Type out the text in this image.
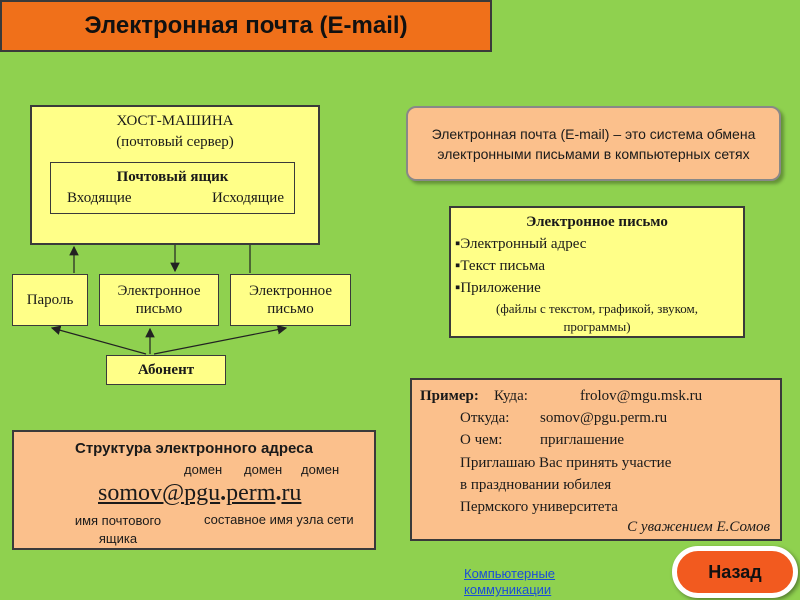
Электронная почта (E-mail)
ХОСТ-МАШИНА
(почтовый сервер)
Почтовый ящик
Входящие	Исходящие
Пароль
Электронное письмо
Электронное письмо
Абонент
Электронная почта (E-mail) – это система обмена электронными письмами в компьютерных сетях
Электронное письмо
▪Электронный адрес
▪Текст письма
▪Приложение
(файлы с текстом, графикой, звуком,
программы)
Структура электронного адреса
домен домен домен
somov@pgu.perm.ru
имя почтового ящика
составное имя узла сети
Пример: Куда:	frolov@mgu.msk.ru
Откуда: somov@pgu.perm.ru
О чем:	приглашение
Приглашаю Вас принять участие
в праздновании юбилея
Пермского университета
С уважением Е.Сомов
Компьютерные коммуникации
Назад
